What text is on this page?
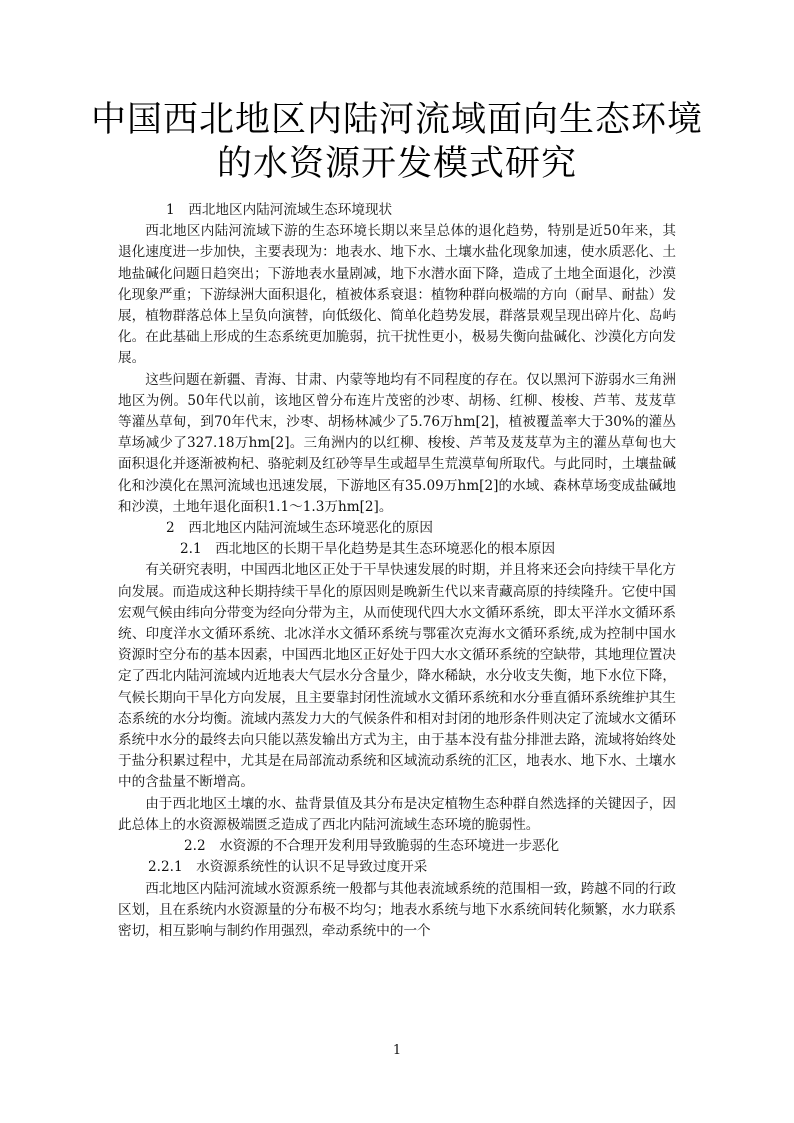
中国西北地区内陆河流域面向生态环境
的水资源开发模式研究

1　西北地区内陆河流域生态环境现状

西北地区内陆河流域下游的生态环境长期以来呈总体的退化趋势，特别是近50年来，其退化速度进一步加快，主要表现为：地表水、地下水、土壤水盐化现象加速，使水质恶化、土地盐碱化问题日趋突出；下游地表水量剧减，地下水潜水面下降，造成了土地全面退化，沙漠化现象严重；下游绿洲大面积退化，植被体系衰退：植物种群向极端的方向（耐旱、耐盐）发展，植物群落总体上呈负向演替，向低级化、简单化趋势发展，群落景观呈现出碎片化、岛屿化。在此基础上形成的生态系统更加脆弱，抗干扰性更小，极易失衡向盐碱化、沙漠化方向发展。

这些问题在新疆、青海、甘肃、内蒙等地均有不同程度的存在。仅以黑河下游弱水三角洲地区为例。50年代以前，该地区曾分布连片茂密的沙枣、胡杨、红柳、梭梭、芦苇、芨芨草等灌丛草甸，到70年代末，沙枣、胡杨林减少了5.76万hm[2]，植被覆盖率大于30%的灌丛草场减少了327.18万hm[2]。三角洲内的以红柳、梭梭、芦苇及芨芨草为主的灌丛草甸也大面积退化并逐渐被枸杞、骆驼刺及红砂等旱生或超旱生荒漠草甸所取代。与此同时，土壤盐碱化和沙漠化在黑河流域也迅速发展，下游地区有35.09万hm[2]的水域、森林草场变成盐碱地和沙漠，土地年退化面积1.1～1.3万hm[2]。

2　西北地区内陆河流域生态环境恶化的原因

2.1　西北地区的长期干旱化趋势是其生态环境恶化的根本原因

有关研究表明，中国西北地区正处于干旱快速发展的时期，并且将来还会向持续干旱化方向发展。而造成这种长期持续干旱化的原因则是晚新生代以来青藏高原的持续隆升。它使中国宏观气候由纬向分带变为经向分带为主，从而使现代四大水文循环系统，即太平洋水文循环系统、印度洋水文循环系统、北冰洋水文循环系统与鄂霍次克海水文循环系统,成为控制中国水资源时空分布的基本因素，中国西北地区正好处于四大水文循环系统的空缺带，其地理位置决定了西北内陆河流域内近地表大气层水分含量少，降水稀缺，水分收支失衡，地下水位下降，气候长期向干旱化方向发展，且主要靠封闭性流域水文循环系统和水分垂直循环系统维护其生态系统的水分均衡。流域内蒸发力大的气候条件和相对封闭的地形条件则决定了流域水文循环系统中水分的最终去向只能以蒸发输出方式为主，由于基本没有盐分排泄去路，流域将始终处于盐分积累过程中，尤其是在局部流动系统和区域流动系统的汇区，地表水、地下水、土壤水中的含盐量不断增高。

由于西北地区土壤的水、盐背景值及其分布是决定植物生态种群自然选择的关键因子，因此总体上的水资源极端匮乏造成了西北内陆河流域生态环境的脆弱性。

2.2　水资源的不合理开发利用导致脆弱的生态环境进一步恶化

2.2.1　水资源系统性的认识不足导致过度开采

西北地区内陆河流域水资源系统一般都与其他表流域系统的范围相一致，跨越不同的行政区划，且在系统内水资源量的分布极不均匀；地表水系统与地下水系统间转化频繁，水力联系密切，相互影响与制约作用强烈，牵动系统中的一个

1
